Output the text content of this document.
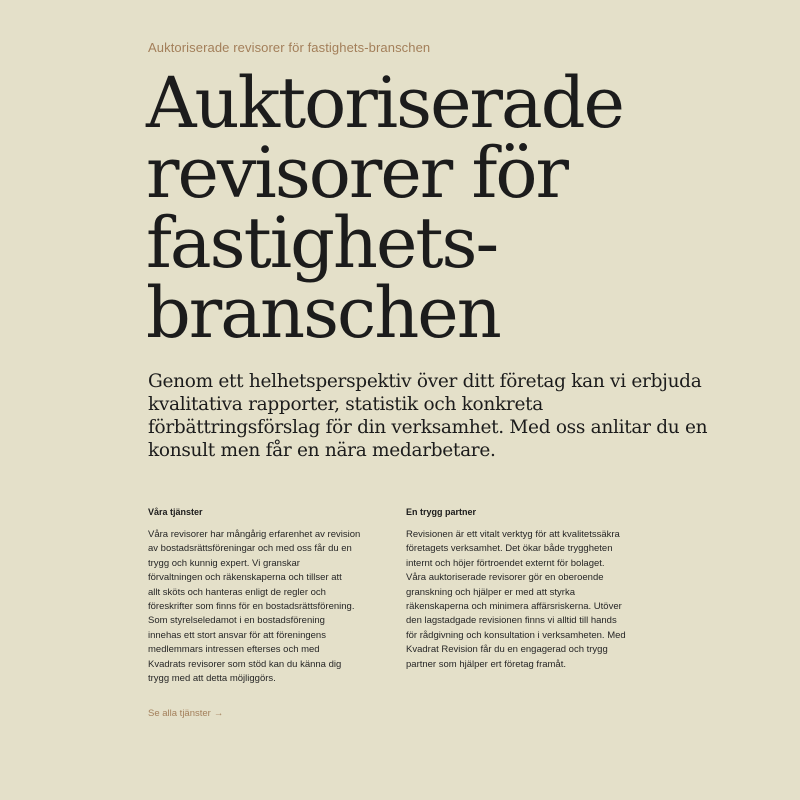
Auktoriserade revisorer för fastighets-branschen
Auktoriserade
revisorer för
fastighets-
branschen

Genom ett helhetsperspektiv över ditt företag kan vi erbjuda
kvalitativa rapporter, statistik och konkreta
förbättringsförslag för din verksamhet. Med oss anlitar du en
konsult men får en nära medarbetare.

Våra tjänster

Våra revisorer har mångårig erfarenhet av revision
av bostadsrättsföreningar och med oss får du en
trygg och kunnig expert. Vi granskar
förvaltningen och räkenskaperna och tillser att
allt sköts och hanteras enligt de regler och
föreskrifter som finns för en bostadsrättsförening.
Som styrelseledamot i en bostadsförening
innehas ett stort ansvar för att föreningens
medlemmars intressen efterses och med
Kvadrats revisorer som stöd kan du känna dig
trygg med att detta möjliggörs.

En trygg partner

Revisionen är ett vitalt verktyg för att kvalitetssäkra
företagets verksamhet. Det ökar både tryggheten
internt och höjer förtroendet externt för bolaget.
Våra auktoriserade revisorer gör en oberoende
granskning och hjälper er med att styrka
räkenskaperna och minimera affärsriskerna. Utöver
den lagstadgade revisionen finns vi alltid till hands
för rådgivning och konsultation i verksamheten. Med
Kvadrat Revision får du en engagerad och trygg
partner som hjälper ert företag framåt.

Se alla tjänster →
